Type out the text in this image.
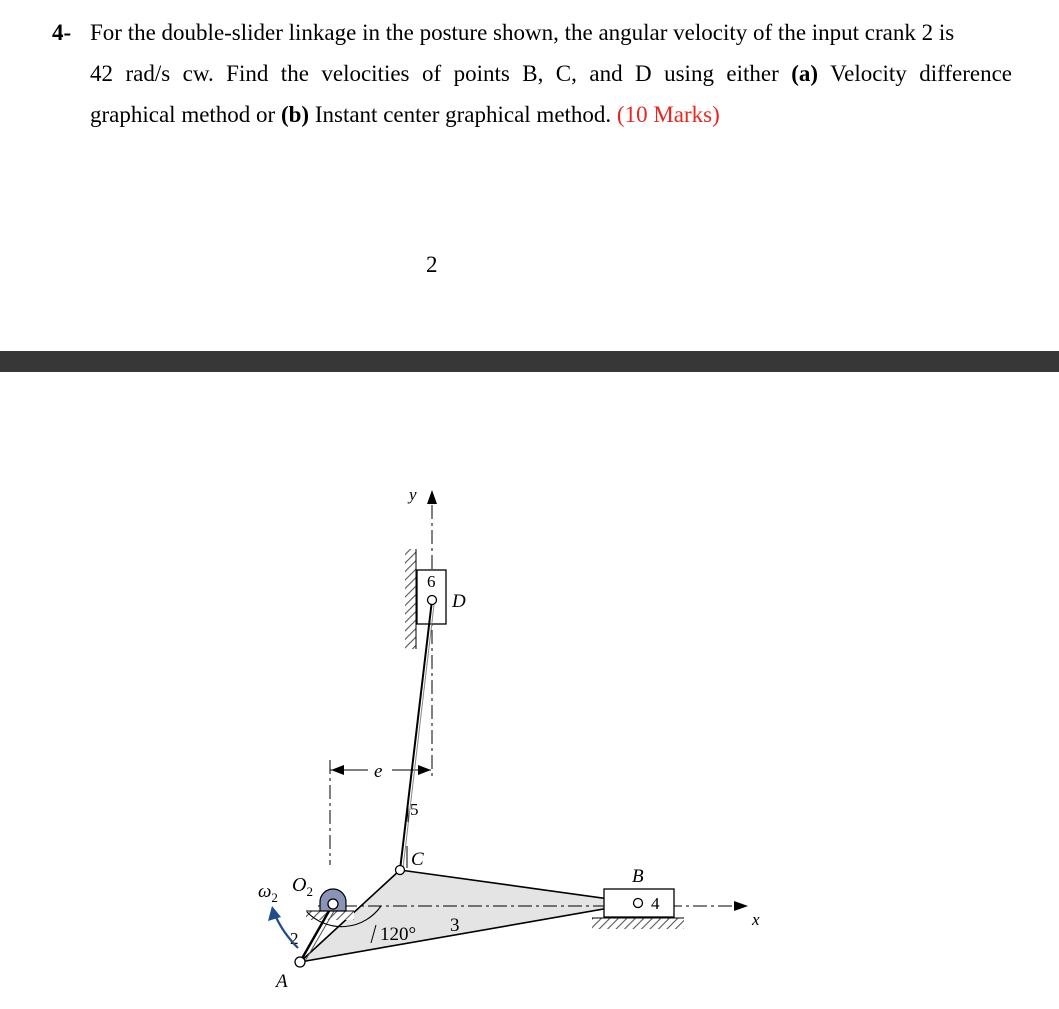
4- For the double-slider linkage in the posture shown, the angular velocity of the input crank 2 is
42 rad/s cw. Find the velocities of points B, C, and D using either (a) Velocity difference
graphical method or (b) Instant center graphical method. (10 Marks)
2
y
6
D
e
5
C
x
4
B
120° 3
$O_2$
$\omega_2$
2
A
